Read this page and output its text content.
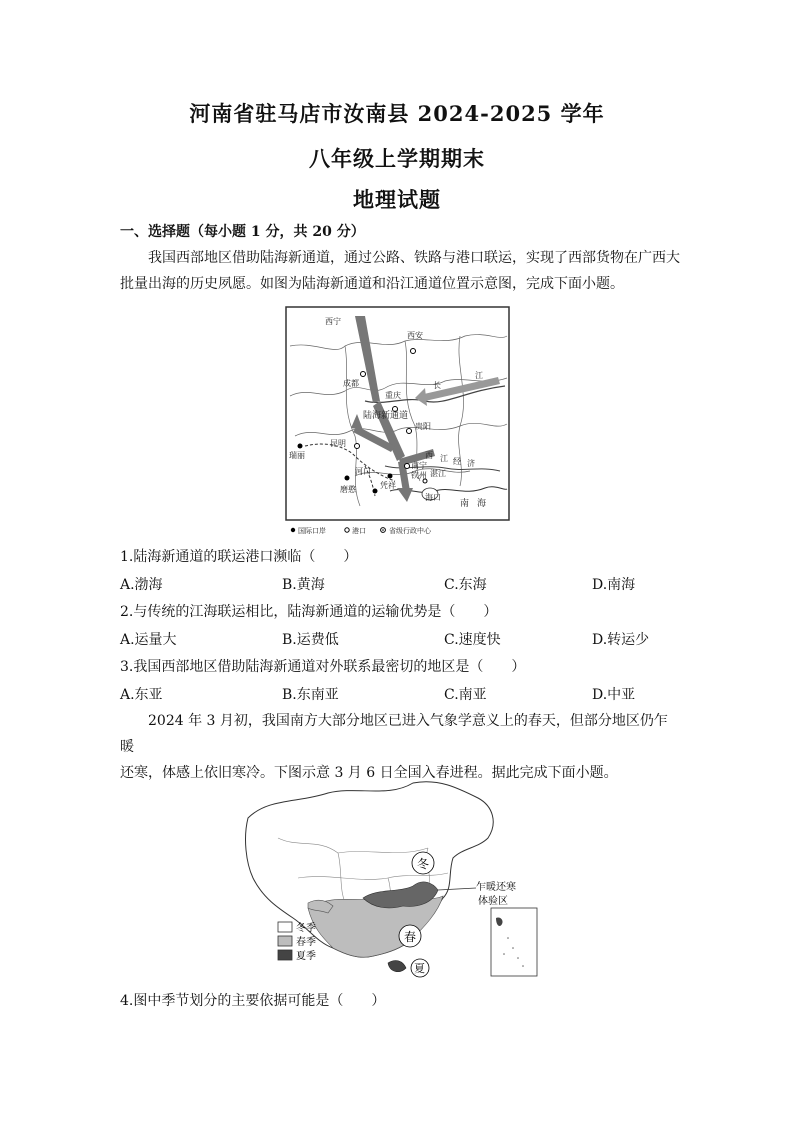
河南省驻马店市汝南县 2024-2025 学年
八年级上学期期末
地理试题
一、选择题（每小题 1 分，共 20 分）
我国西部地区借助陆海新通道，通过公路、铁路与港口联运，实现了西部货物在广西大
批量出海的历史夙愿。如图为陆海新通道和沿江通道位置示意图，完成下面小题。
西宁
西安
成都
重庆
贵阳
昆明
南宁
钦州
瑞丽
河口
凭祥
磨憨
湛江
海口
陆海新通道
长
江
西 江 经 济
南 海
国际口岸	港口	省级行政中心
1.陆海新通道的联运港口濒临（　　）
A.渤海	B.黄海	C.东海	D.南海
2.与传统的江海联运相比，陆海新通道的运输优势是（　　）
A.运量大	B.运费低	C.速度快	D.转运少
3.我国西部地区借助陆海新通道对外联系最密切的地区是（　　）
A.东亚	B.东南亚	C.南亚	D.中亚
2024 年 3 月初，我国南方大部分地区已进入气象学意义上的春天，但部分地区仍乍暖
还寒，体感上依旧寒冷。下图示意 3 月 6 日全国入春进程。据此完成下面小题。
冬
春
夏
乍暖还寒
体验区
冬季
春季
夏季
4.图中季节划分的主要依据可能是（　　）
